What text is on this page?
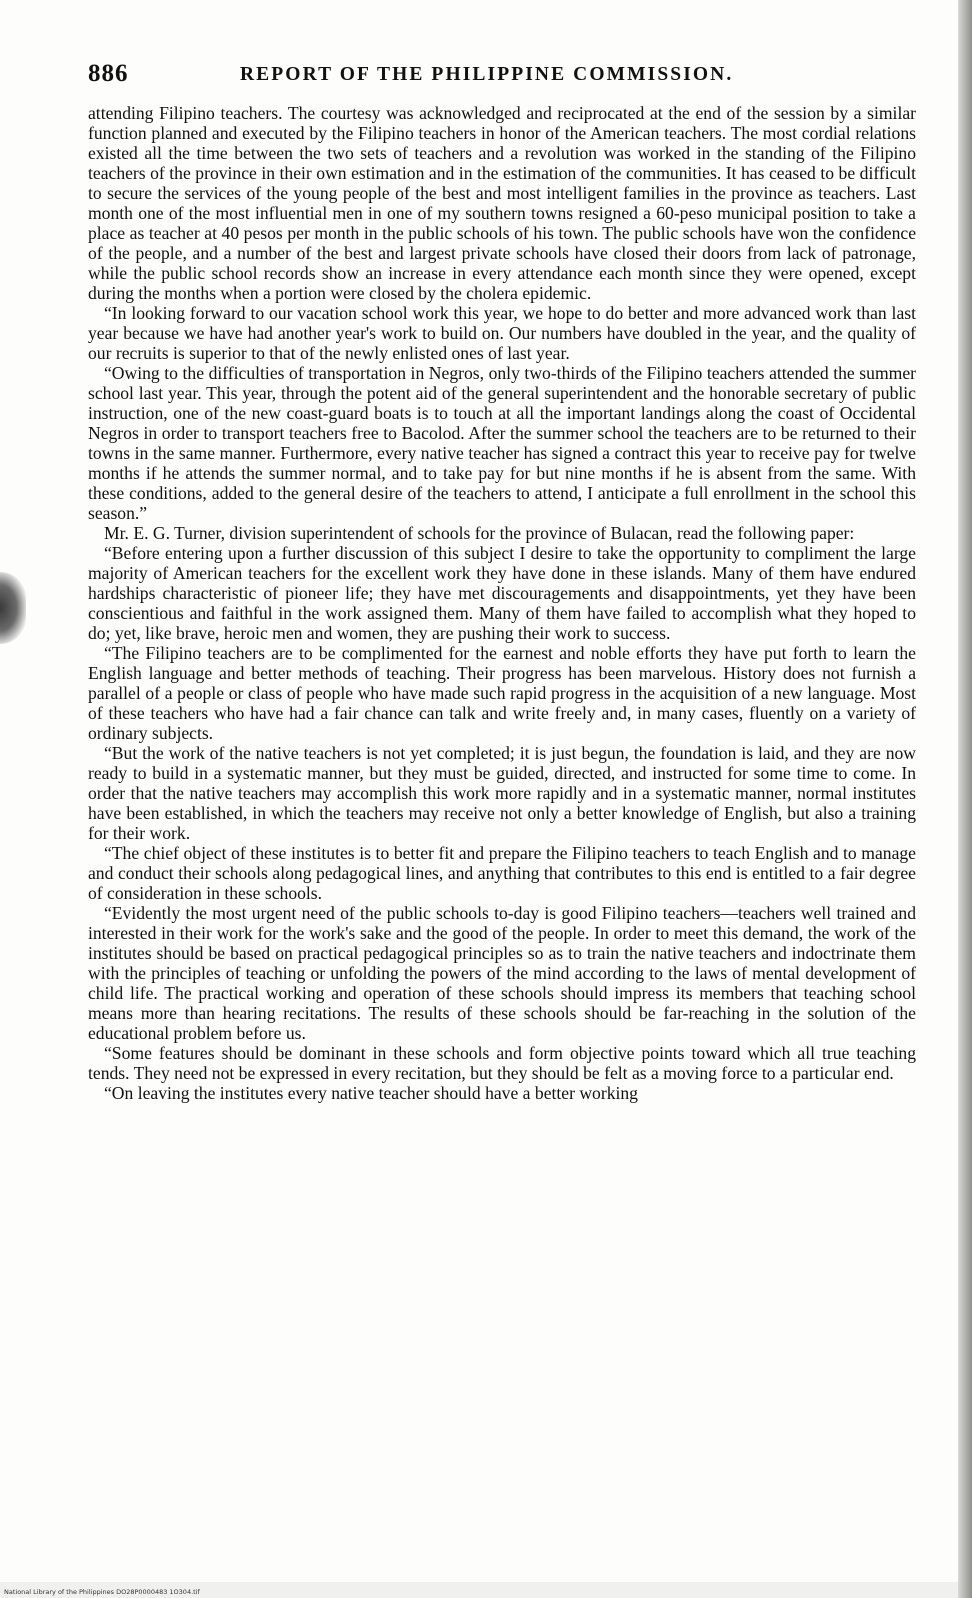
886	REPORT OF THE PHILIPPINE COMMISSION.

attending Filipino teachers. The courtesy was acknowledged and reciprocated at the end of the session by a similar function planned and executed by the Filipino teachers in honor of the American teachers. The most cordial relations existed all the time between the two sets of teachers and a revolution was worked in the standing of the Filipino teachers of the province in their own estimation and in the estimation of the communities. It has ceased to be difficult to secure the services of the young people of the best and most intelligent families in the province as teachers. Last month one of the most influential men in one of my southern towns resigned a 60-peso municipal position to take a place as teacher at 40 pesos per month in the public schools of his town. The public schools have won the confidence of the people, and a number of the best and largest private schools have closed their doors from lack of patronage, while the public school records show an increase in every attendance each month since they were opened, except during the months when a portion were closed by the cholera epidemic.

“In looking forward to our vacation school work this year, we hope to do better and more advanced work than last year because we have had another year's work to build on. Our numbers have doubled in the year, and the quality of our recruits is superior to that of the newly enlisted ones of last year.

“Owing to the difficulties of transportation in Negros, only two-thirds of the Filipino teachers attended the summer school last year. This year, through the potent aid of the general superintendent and the honorable secretary of public instruction, one of the new coast-guard boats is to touch at all the important landings along the coast of Occidental Negros in order to transport teachers free to Bacolod. After the summer school the teachers are to be returned to their towns in the same manner. Furthermore, every native teacher has signed a contract this year to receive pay for twelve months if he attends the summer normal, and to take pay for but nine months if he is absent from the same. With these conditions, added to the general desire of the teachers to attend, I anticipate a full enrollment in the school this season.”

Mr. E. G. Turner, division superintendent of schools for the province of Bulacan, read the following paper:

“Before entering upon a further discussion of this subject I desire to take the opportunity to compliment the large majority of American teachers for the excellent work they have done in these islands. Many of them have endured hardships characteristic of pioneer life; they have met discouragements and disappointments, yet they have been conscientious and faithful in the work assigned them. Many of them have failed to accomplish what they hoped to do; yet, like brave, heroic men and women, they are pushing their work to success.

“The Filipino teachers are to be complimented for the earnest and noble efforts they have put forth to learn the English language and better methods of teaching. Their progress has been marvelous. History does not furnish a parallel of a people or class of people who have made such rapid progress in the acquisition of a new language. Most of these teachers who have had a fair chance can talk and write freely and, in many cases, fluently on a variety of ordinary subjects.

“But the work of the native teachers is not yet completed; it is just begun, the foundation is laid, and they are now ready to build in a systematic manner, but they must be guided, directed, and instructed for some time to come. In order that the native teachers may accomplish this work more rapidly and in a systematic manner, normal institutes have been established, in which the teachers may receive not only a better knowledge of English, but also a training for their work.

“The chief object of these institutes is to better fit and prepare the Filipino teachers to teach English and to manage and conduct their schools along pedagogical lines, and anything that contributes to this end is entitled to a fair degree of consideration in these schools.

“Evidently the most urgent need of the public schools to-day is good Filipino teachers—teachers well trained and interested in their work for the work's sake and the good of the people. In order to meet this demand, the work of the institutes should be based on practical pedagogical principles so as to train the native teachers and indoctrinate them with the principles of teaching or unfolding the powers of the mind according to the laws of mental development of child life. The practical working and operation of these schools should impress its members that teaching school means more than hearing recitations. The results of these schools should be far-reaching in the solution of the educational problem before us.

“Some features should be dominant in these schools and form objective points toward which all true teaching tends. They need not be expressed in every recitation, but they should be felt as a moving force to a particular end.

“On leaving the institutes every native teacher should have a better working

National Library of the Philippines DO28P0000483 1O304.tif
